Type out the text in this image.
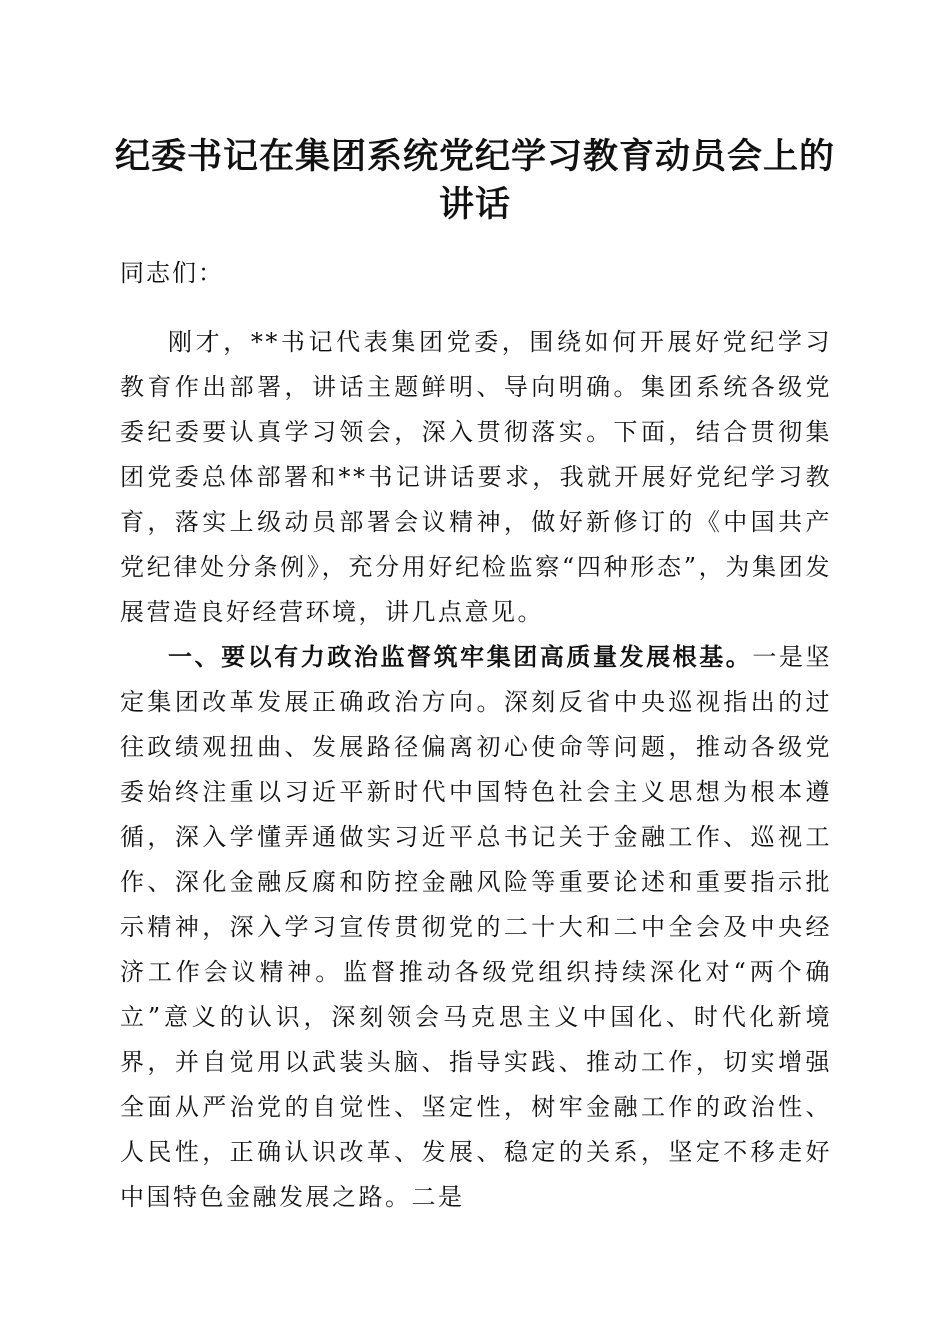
纪委书记在集团系统党纪学习教育动员会上的讲话

同志们：

刚才，**书记代表集团党委，围绕如何开展好党纪学习教育作出部署，讲话主题鲜明、导向明确。集团系统各级党委纪委要认真学习领会，深入贯彻落实。下面，结合贯彻集团党委总体部署和**书记讲话要求，我就开展好党纪学习教育，落实上级动员部署会议精神，做好新修订的《中国共产党纪律处分条例》，充分用好纪检监察“四种形态”，为集团发展营造良好经营环境，讲几点意见。

一、要以有力政治监督筑牢集团高质量发展根基。一是坚定集团改革发展正确政治方向。深刻反省中央巡视指出的过往政绩观扭曲、发展路径偏离初心使命等问题，推动各级党委始终注重以习近平新时代中国特色社会主义思想为根本遵循，深入学懂弄通做实习近平总书记关于金融工作、巡视工作、深化金融反腐和防控金融风险等重要论述和重要指示批示精神，深入学习宣传贯彻党的二十大和二中全会及中央经济工作会议精神。监督推动各级党组织持续深化对“两个确立”意义的认识，深刻领会马克思主义中国化、时代化新境界，并自觉用以武装头脑、指导实践、推动工作，切实增强全面从严治党的自觉性、坚定性，树牢金融工作的政治性、人民性，正确认识改革、发展、稳定的关系，坚定不移走好中国特色金融发展之路。二是
